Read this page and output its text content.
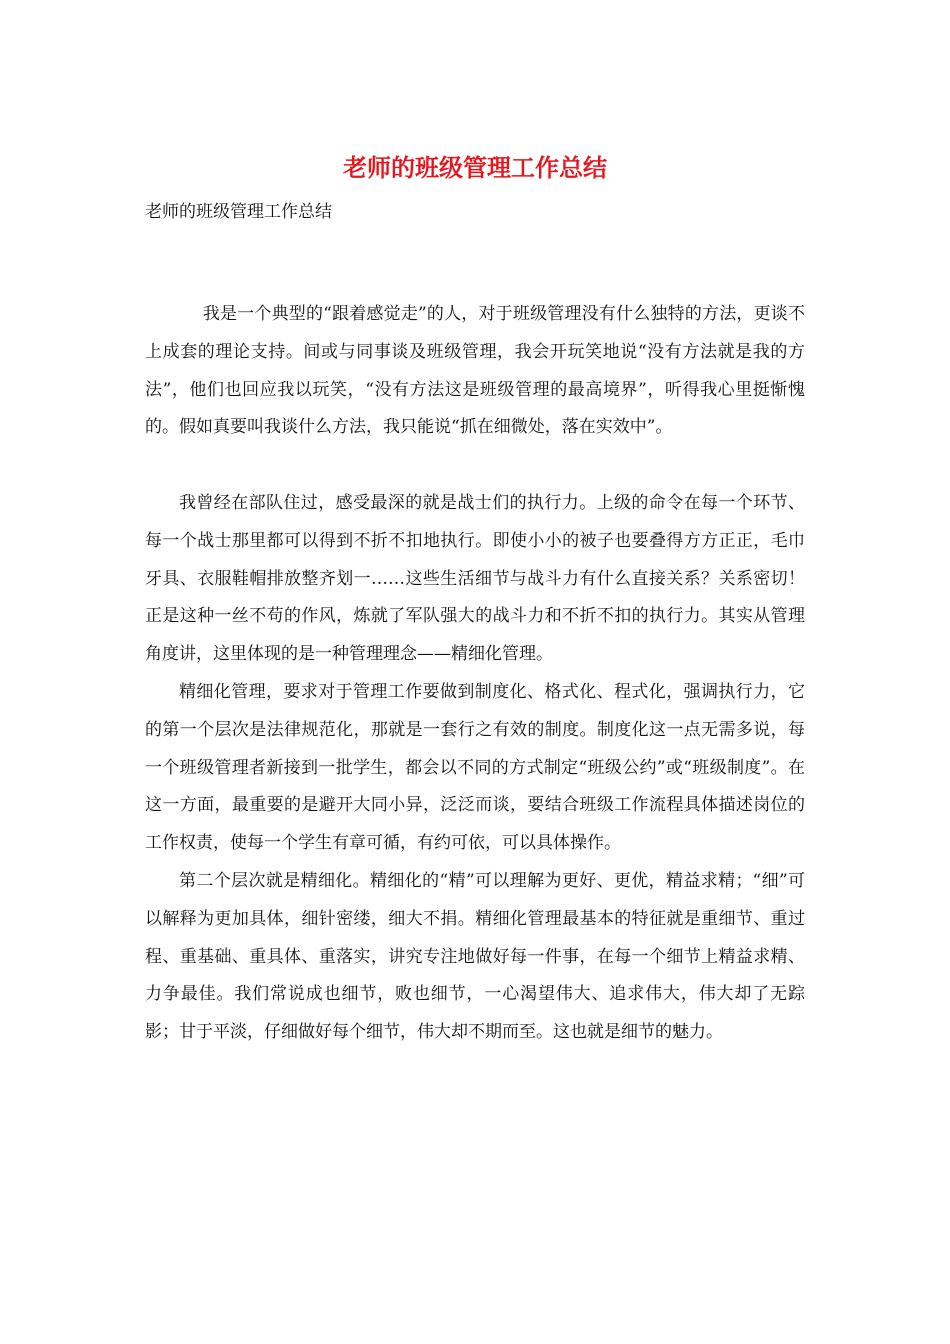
老师的班级管理工作总结
老师的班级管理工作总结

我是一个典型的“跟着感觉走”的人，对于班级管理没有什么独特的方法，更谈不上成套的理论支持。间或与同事谈及班级管理，我会开玩笑地说“没有方法就是我的方法”，他们也回应我以玩笑，“没有方法这是班级管理的最高境界”，听得我心里挺惭愧的。假如真要叫我谈什么方法，我只能说“抓在细微处，落在实效中”。

我曾经在部队住过，感受最深的就是战士们的执行力。上级的命令在每一个环节、每一个战士那里都可以得到不折不扣地执行。即使小小的被子也要叠得方方正正，毛巾牙具、衣服鞋帽排放整齐划一……这些生活细节与战斗力有什么直接关系？关系密切！正是这种一丝不苟的作风，炼就了军队强大的战斗力和不折不扣的执行力。其实从管理角度讲，这里体现的是一种管理理念——精细化管理。

精细化管理，要求对于管理工作要做到制度化、格式化、程式化，强调执行力，它的第一个层次是法律规范化，那就是一套行之有效的制度。制度化这一点无需多说，每一个班级管理者新接到一批学生，都会以不同的方式制定“班级公约”或“班级制度”。在这一方面，最重要的是避开大同小异，泛泛而谈，要结合班级工作流程具体描述岗位的工作权责，使每一个学生有章可循，有约可依，可以具体操作。

第二个层次就是精细化。精细化的“精”可以理解为更好、更优，精益求精；“细”可以解释为更加具体，细针密缕，细大不捐。精细化管理最基本的特征就是重细节、重过程、重基础、重具体、重落实，讲究专注地做好每一件事，在每一个细节上精益求精、力争最佳。我们常说成也细节，败也细节，一心渴望伟大、追求伟大，伟大却了无踪影；甘于平淡，仔细做好每个细节，伟大却不期而至。这也就是细节的魅力。
